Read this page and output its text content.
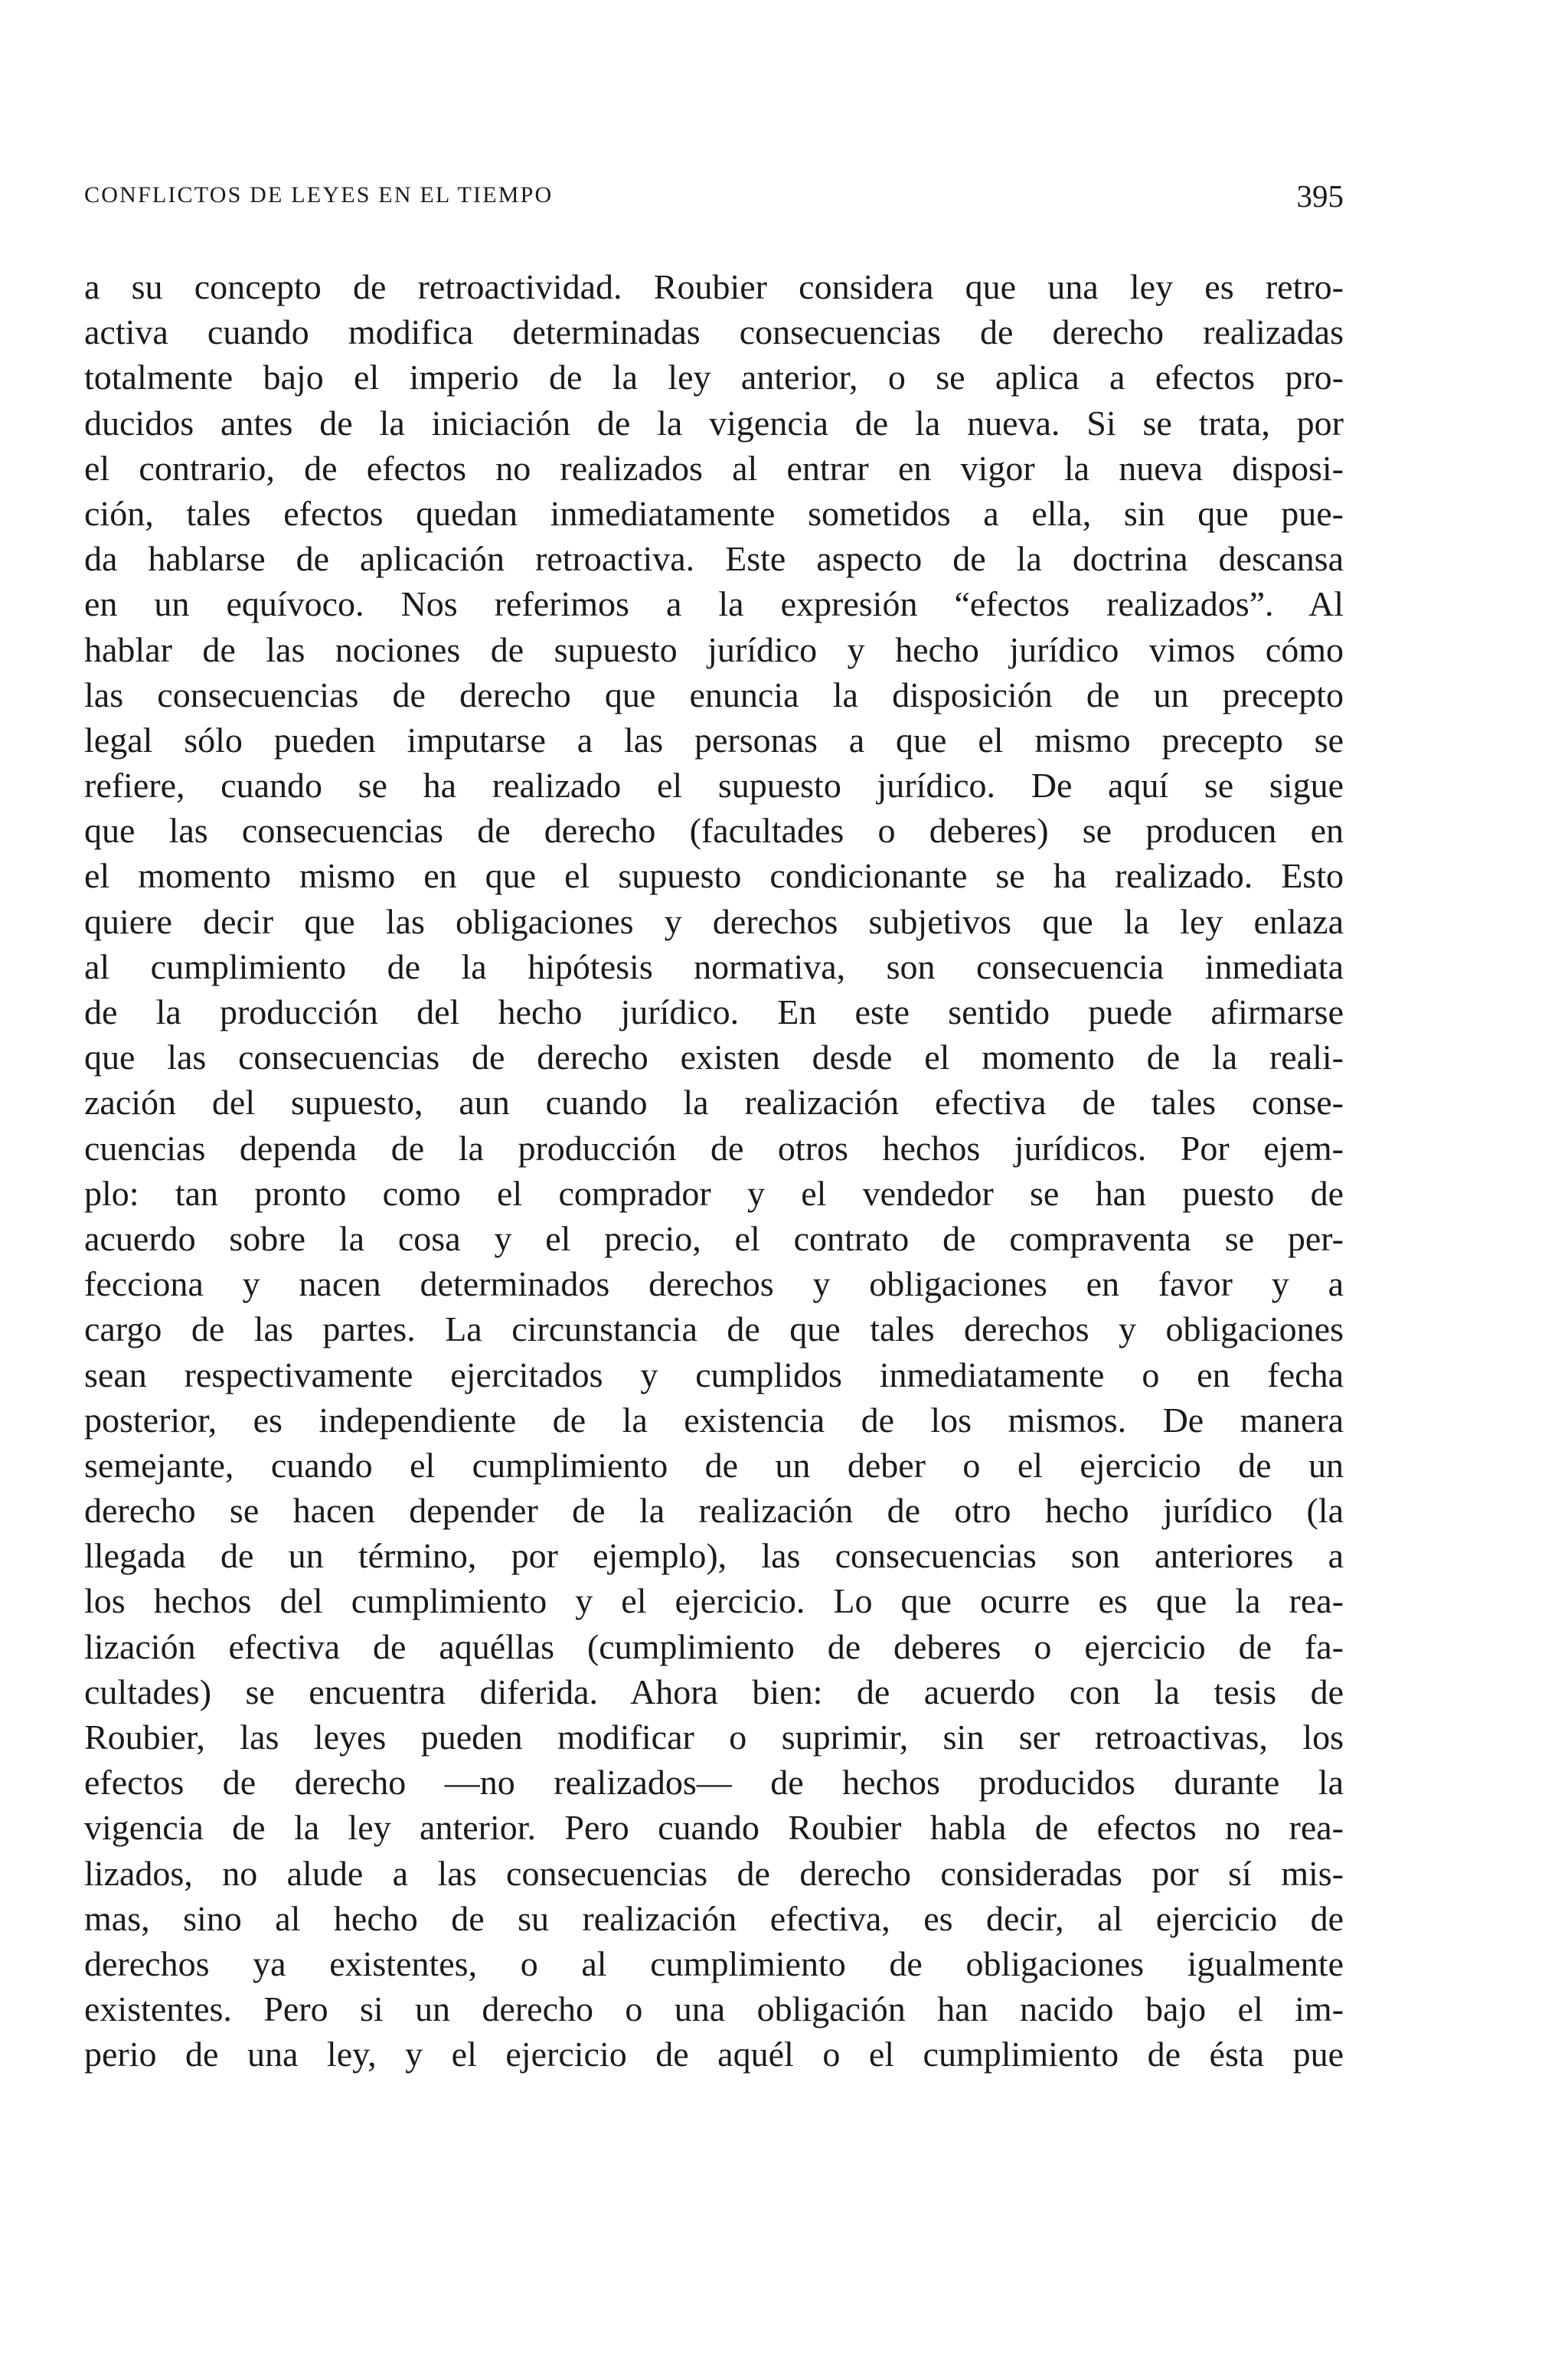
CONFLICTOS DE LEYES EN EL TIEMPO	395
a su concepto de retroactividad. Roubier considera que una ley es retro-
activa cuando modifica determinadas consecuencias de derecho realizadas
totalmente bajo el imperio de la ley anterior, o se aplica a efectos pro-
ducidos antes de la iniciación de la vigencia de la nueva. Si se trata, por
el contrario, de efectos no realizados al entrar en vigor la nueva disposi-
ción, tales efectos quedan inmediatamente sometidos a ella, sin que pue-
da hablarse de aplicación retroactiva. Este aspecto de la doctrina descansa
en un equívoco. Nos referimos a la expresión “efectos realizados”. Al
hablar de las nociones de supuesto jurídico y hecho jurídico vimos cómo
las consecuencias de derecho que enuncia la disposición de un precepto
legal sólo pueden imputarse a las personas a que el mismo precepto se
refiere, cuando se ha realizado el supuesto jurídico. De aquí se sigue
que las consecuencias de derecho (facultades o deberes) se producen en
el momento mismo en que el supuesto condicionante se ha realizado. Esto
quiere decir que las obligaciones y derechos subjetivos que la ley enlaza
al cumplimiento de la hipótesis normativa, son consecuencia inmediata
de la producción del hecho jurídico. En este sentido puede afirmarse
que las consecuencias de derecho existen desde el momento de la reali-
zación del supuesto, aun cuando la realización efectiva de tales conse-
cuencias dependa de la producción de otros hechos jurídicos. Por ejem-
plo: tan pronto como el comprador y el vendedor se han puesto de
acuerdo sobre la cosa y el precio, el contrato de compraventa se per-
fecciona y nacen determinados derechos y obligaciones en favor y a
cargo de las partes. La circunstancia de que tales derechos y obligaciones
sean respectivamente ejercitados y cumplidos inmediatamente o en fecha
posterior, es independiente de la existencia de los mismos. De manera
semejante, cuando el cumplimiento de un deber o el ejercicio de un
derecho se hacen depender de la realización de otro hecho jurídico (la
llegada de un término, por ejemplo), las consecuencias son anteriores a
los hechos del cumplimiento y el ejercicio. Lo que ocurre es que la rea-
lización efectiva de aquéllas (cumplimiento de deberes o ejercicio de fa-
cultades) se encuentra diferida. Ahora bien: de acuerdo con la tesis de
Roubier, las leyes pueden modificar o suprimir, sin ser retroactivas, los
efectos de derecho —no realizados— de hechos producidos durante la
vigencia de la ley anterior. Pero cuando Roubier habla de efectos no rea-
lizados, no alude a las consecuencias de derecho consideradas por sí mis-
mas, sino al hecho de su realización efectiva, es decir, al ejercicio de
derechos ya existentes, o al cumplimiento de obligaciones igualmente
existentes. Pero si un derecho o una obligación han nacido bajo el im-
perio de una ley, y el ejercicio de aquél o el cumplimiento de ésta pue
